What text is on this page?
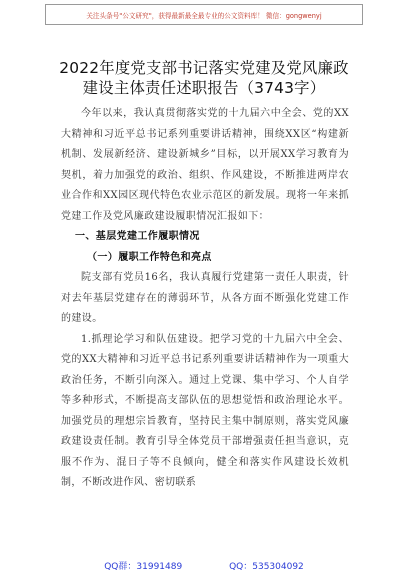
关注头条号"公文研究"，获得最新最全最专业的公文资料库！ 微信：gongwenyj
2022年度党支部书记落实党建及党风廉政
建设主体责任述职报告（3743字）

今年以来，我认真贯彻落实党的十九届六中全会、党的XX大精神和习近平总书记系列重要讲话精神，围绕XX区“构建新机制、发展新经济、建设新城乡”目标，以开展XX学习教育为契机，着力加强党的政治、组织、作风建设，不断推进两岸农业合作和XX园区现代特色农业示范区的新发展。现将一年来抓党建工作及党风廉政建设履职情况汇报如下：

一、基层党建工作履职情况

（一）履职工作特色和亮点

院支部有党员16名，我认真履行党建第一责任人职责，针对去年基层党建存在的薄弱环节，从各方面不断强化党建工作的建设。

1.抓理论学习和队伍建设。把学习党的十九届六中全会、党的XX大精神和习近平总书记系列重要讲话精神作为一项重大政治任务，不断引向深入。通过上党课、集中学习、个人自学等多种形式，不断提高支部队伍的思想觉悟和政治理论水平。加强党员的理想宗旨教育，坚持民主集中制原则，落实党风廉政建设责任制。教育引导全体党员干部增强责任担当意识，克服不作为、混日子等不良倾向，健全和落实作风建设长效机制，不断改进作风、密切联系

QQ群：31991489	QQ：535304092
